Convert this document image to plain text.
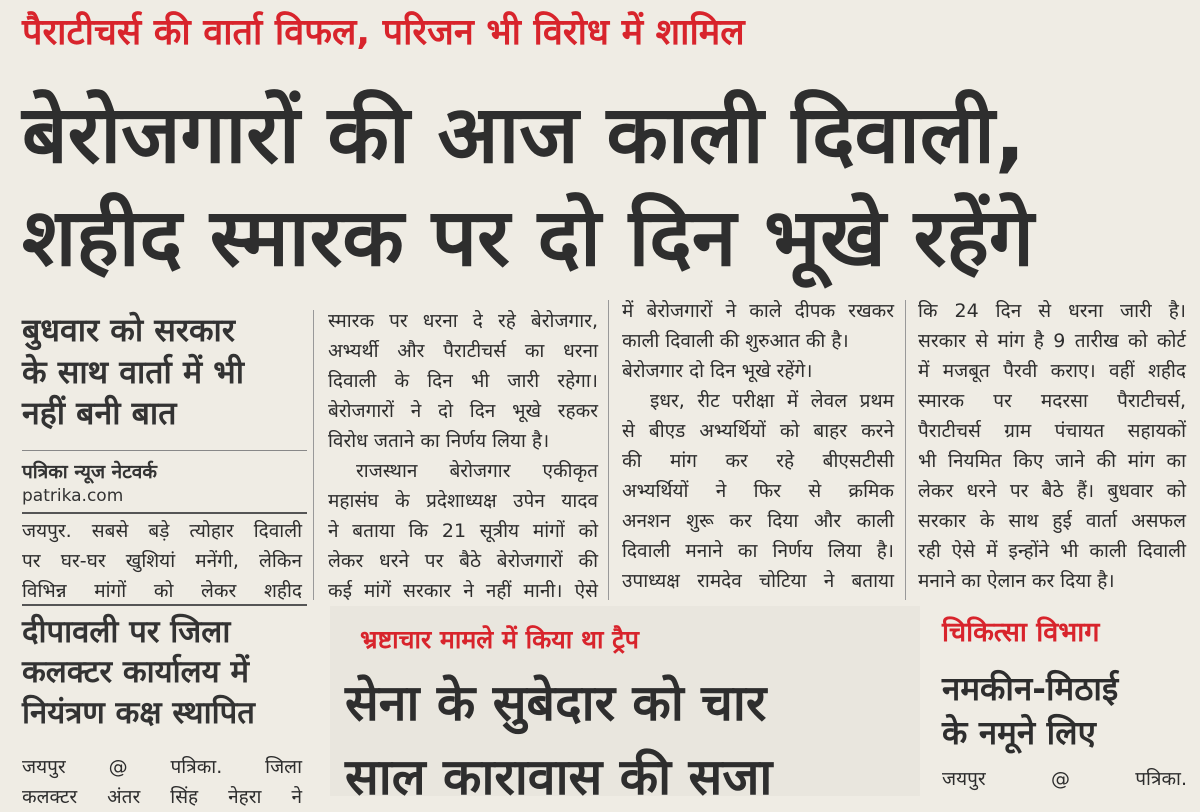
पैराटीचर्स की वार्ता विफल, परिजन भी विरोध में शामिल
बेरोजगारों की आज काली दिवाली,
शहीद स्मारक पर दो दिन भूखे रहेंगे
बुधवार को सरकार
के साथ वार्ता में भी
नहीं बनी बात
पत्रिका न्यूज नेटवर्क
patrika.com

जयपुर. सबसे बड़े त्योहार दिवाली

पर घर-घर खुशियां मनेंगी, लेकिन

विभिन्न मांगों को लेकर शहीद

स्मारक पर धरना दे रहे बेरोजगार,

अभ्यर्थी और पैराटीचर्स का धरना

दिवाली के दिन भी जारी रहेगा।

बेरोजगारों ने दो दिन भूखे रहकर

विरोध जताने का निर्णय लिया है।

राजस्थान बेरोजगार एकीकृत

महासंघ के प्रदेशाध्यक्ष उपेन यादव

ने बताया कि 21 सूत्रीय मांगों को

लेकर धरने पर बैठे बेरोजगारों की

कई मांगें सरकार ने नहीं मानी। ऐसे

में बेरोजगारों ने काले दीपक रखकर

काली दिवाली की शुरुआत की है।

बेरोजगार दो दिन भूखे रहेंगे।

इधर, रीट परीक्षा में लेवल प्रथम

से बीएड अभ्यर्थियों को बाहर करने

की मांग कर रहे बीएसटीसी

अभ्यर्थियों ने फिर से क्रमिक

अनशन शुरू कर दिया और काली

दिवाली मनाने का निर्णय लिया है।

उपाध्यक्ष रामदेव चोटिया ने बताया

कि 24 दिन से धरना जारी है।

सरकार से मांग है 9 तारीख को कोर्ट

में मजबूत पैरवी कराए। वहीं शहीद

स्मारक पर मदरसा पैराटीचर्स,

पैराटीचर्स ग्राम पंचायत सहायकों

भी नियमित किए जाने की मांग का

लेकर धरने पर बैठे हैं। बुधवार को

सरकार के साथ हुई वार्ता असफल

रही ऐसे में इन्होंने भी काली दिवाली

मनाने का ऐलान कर दिया है।

दीपावली पर जिला
कलक्टर कार्यालय में
नियंत्रण कक्ष स्थापित

जयपुर @ पत्रिका. जिला

कलक्टर अंतर सिंह नेहरा ने

भ्रष्टाचार मामले में किया था ट्रैप
सेना के सुबेदार को चार
साल कारावास की सजा
चिकित्सा विभाग
नमकीन-मिठाई
के नमूने लिए

जयपुर @ पत्रिका.
